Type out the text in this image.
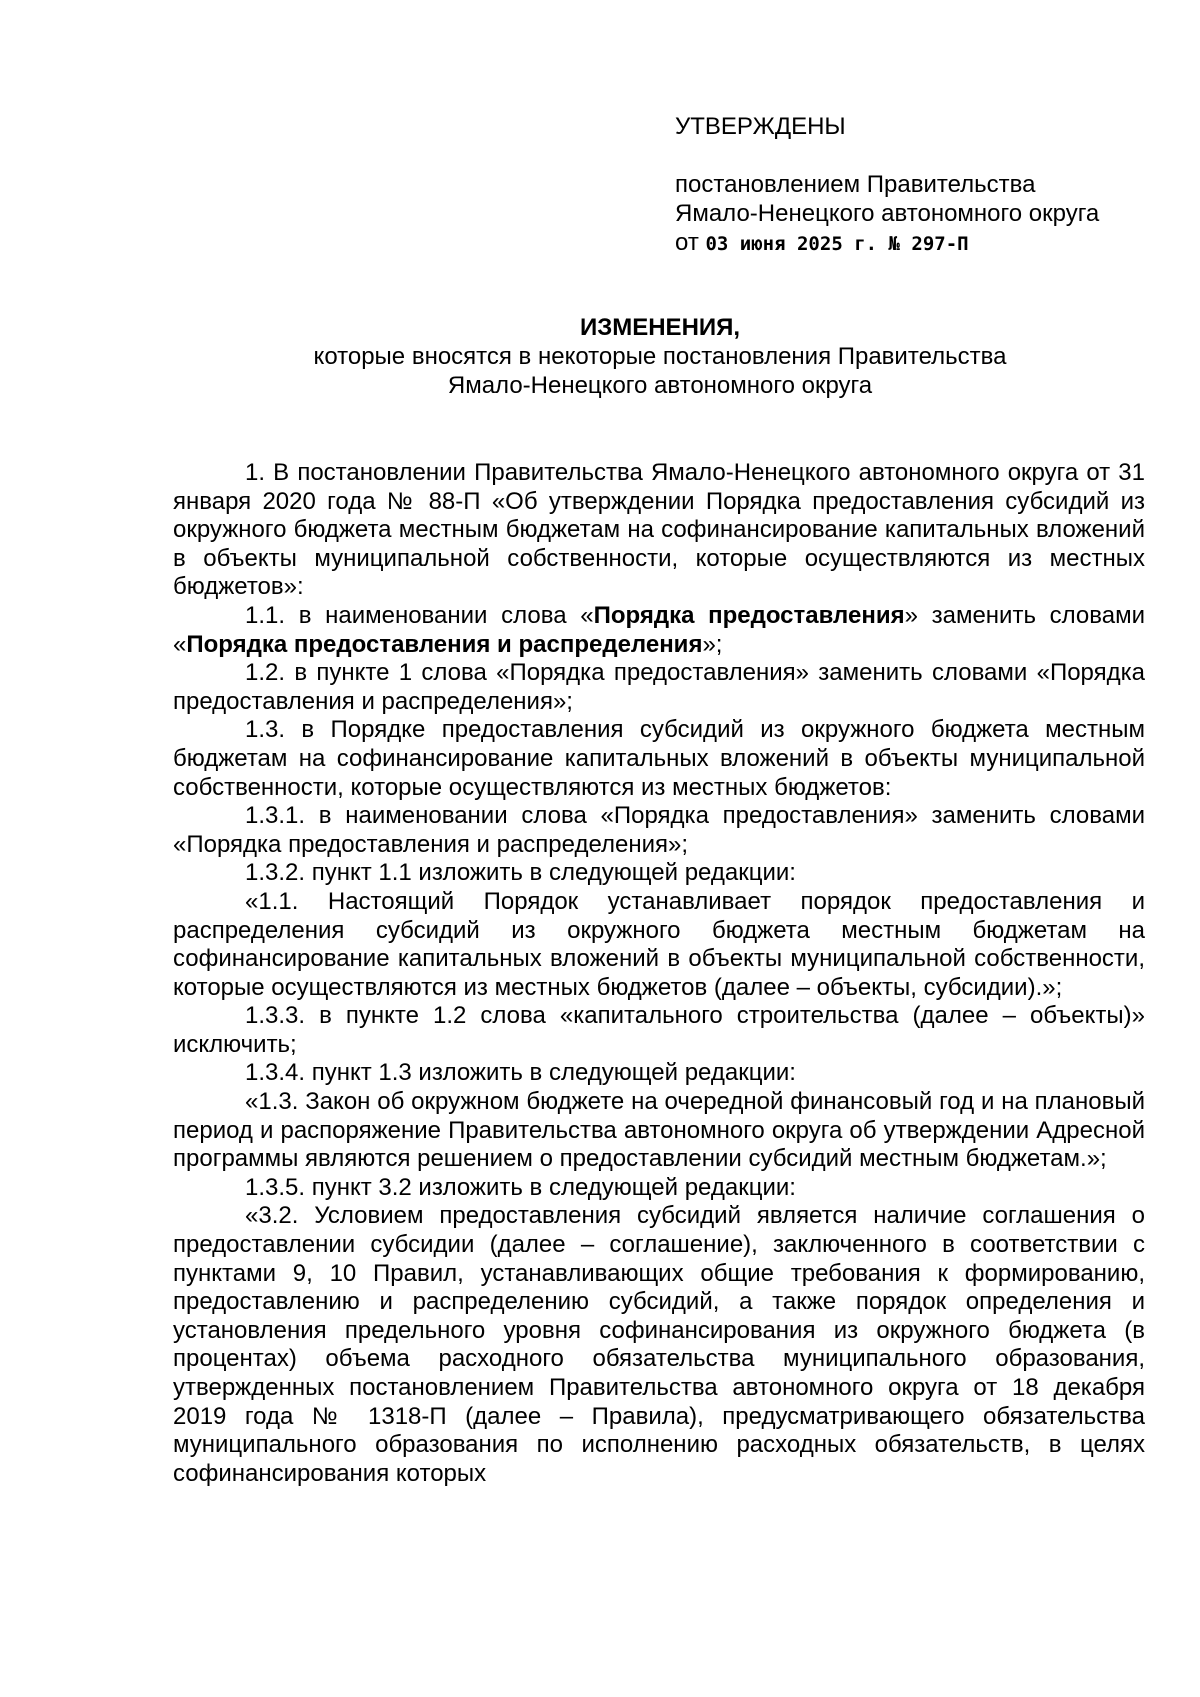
УТВЕРЖДЕНЫ

постановлением Правительства

Ямало-Ненецкого автономного округа

от 03 июня 2025 г. № 297-П

ИЗМЕНЕНИЯ,

которые вносятся в некоторые постановления Правительства

Ямало-Ненецкого автономного округа

1. В постановлении Правительства Ямало-Ненецкого автономного округа от 31 января 2020 года № 88-П «Об утверждении Порядка предоставления субсидий из окружного бюджета местным бюджетам на софинансирование капитальных вложений в объекты муниципальной собственности, которые осуществляются из местных бюджетов»:

1.1. в наименовании слова «Порядка предоставления» заменить словами «Порядка предоставления и распределения»;

1.2. в пункте 1 слова «Порядка предоставления» заменить словами «Порядка предоставления и распределения»;

1.3. в Порядке предоставления субсидий из окружного бюджета местным бюджетам на софинансирование капитальных вложений в объекты муниципальной собственности, которые осуществляются из местных бюджетов:

1.3.1. в наименовании слова «Порядка предоставления» заменить словами «Порядка предоставления и распределения»;

1.3.2. пункт 1.1 изложить в следующей редакции:

«1.1. Настоящий Порядок устанавливает порядок предоставления и распределения субсидий из окружного бюджета местным бюджетам на софинансирование капитальных вложений в объекты муниципальной собственности, которые осуществляются из местных бюджетов (далее – объекты, субсидии).»;

1.3.3. в пункте 1.2 слова «капитального строительства (далее – объекты)» исключить;

1.3.4. пункт 1.3 изложить в следующей редакции:

«1.3. Закон об окружном бюджете на очередной финансовый год и на плановый период и распоряжение Правительства автономного округа об утверждении Адресной программы являются решением о предоставлении субсидий местным бюджетам.»;

1.3.5. пункт 3.2 изложить в следующей редакции:

«3.2. Условием предоставления субсидий является наличие соглашения о предоставлении субсидии (далее – соглашение), заключенного в соответствии с пунктами 9, 10 Правил, устанавливающих общие требования к формированию, предоставлению и распределению субсидий, а также порядок определения и установления предельного уровня софинансирования из окружного бюджета (в процентах) объема расходного обязательства муниципального образования, утвержденных постановлением Правительства автономного округа от 18 декабря 2019 года № 1318-П (далее – Правила), предусматривающего обязательства муниципального образования по исполнению расходных обязательств, в целях софинансирования которых
